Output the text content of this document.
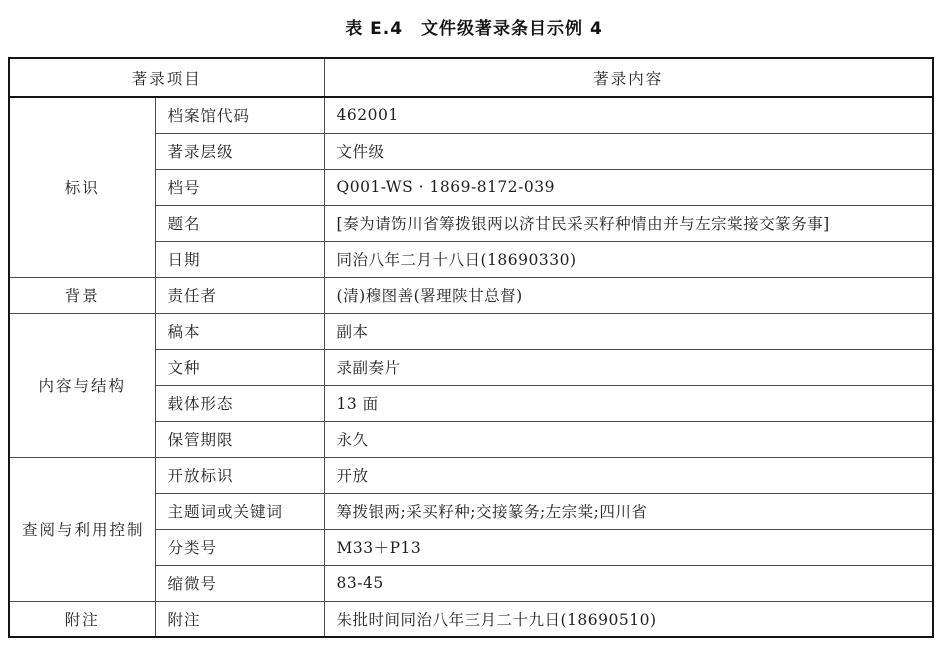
表 E.4　文件级著录条目示例 4
著录项目		著录内容
标识	档案馆代码	462001
	著录层级	文件级
	档号	Q001-WS · 1869-8172-039
	题名	[奏为请饬川省筹拨银两以济甘民采买籽种情由并与左宗棠接交篆务事]
	日期	同治八年二月十八日(18690330)
背景	责任者	(清)穆图善(署理陕甘总督)
内容与结构	稿本	副本
	文种	录副奏片
	载体形态	13 面
	保管期限	永久
查阅与利用控制	开放标识	开放
	主题词或关键词	筹拨银两;采买籽种;交接篆务;左宗棠;四川省
	分类号	M33＋P13
	缩微号	83-45
附注	附注	朱批时间同治八年三月二十九日(18690510)
